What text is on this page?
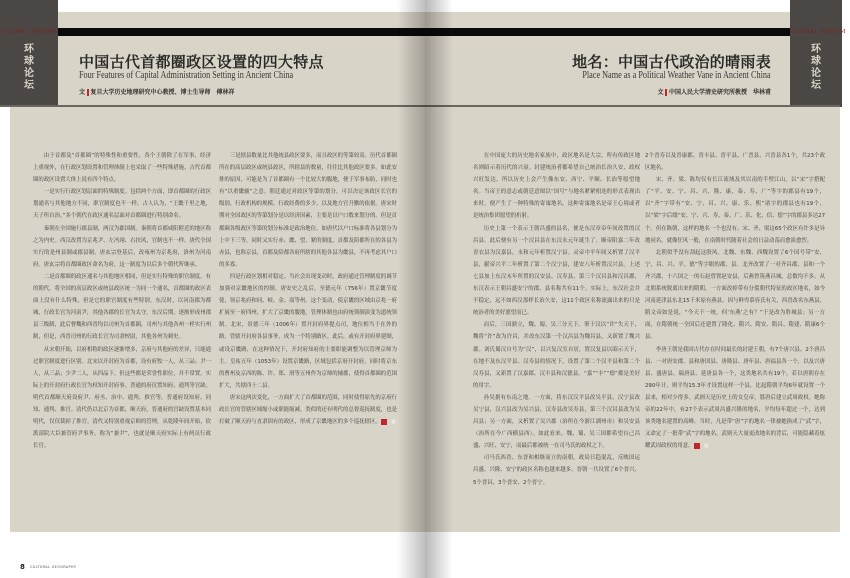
环
球
论
坛
GLOBAL FORUM
中国古代首都圈政区设置的四大特点
Four Features of Capital Administration Setting in Ancient China
文 复旦大学历史地理研究中心教授、博士生导师　傅林祥

由于首都及“首都圈”的特殊性和重要性，各个王朝除了在军事、经济上重视外，在行政区划设置和管理体制上也采取了一些特殊措施。古代首都圈的政区设置大体上说有四个特点。

一是实行行政区划层面的特殊制度。包括两个方面，即首都圈的行政区划通名与其他地方不同，职官制度也不一样。古人认为，“王畿千里之地，天子所自治。”多个朝代在政区通名层面对首都圈进行特别命名。

秦朝在全国施行郡县制，两汉为郡国制。秦朝将首都咸阳附近的地区称之为内史。西汉改置为京兆尹、左冯翊、右扶风，官制也不一样。唐代全国实行的是州县制或郡县制。唐玄宗登基后，改雍州为京兆府，洛州为河南府。唐玄宗将首都圈政区命名为府，这一制度为以后多个朝代所继承。

二是首都圈的政区通名与其他地区相同，但是实行特殊的职官制度。有的朝代，将全国的高层政区或统县政区统一为同一个通名，首都圈的政区表面上没有什么特殊，但是它的职官制度有些特别。东汉时，以河南郡为都城，行政长官为河南尹，其他各郡的长官为太守。东汉后期，逐渐形成州郡县三级制，此后曹魏和西晋均以司州为首都圈，司州与其他各州一样实行州制，但是，西晋司州的行政长官为司隶校尉，其他各州为刺史。

从宋朝开始，以府相称的政区逐渐增多，京府与其他府的差异，只能通过职官制度进行区别。北宋以开封府为首都，设有府牧一人，从三品；尹一人，从三品；少尹二人，从四品下。但这些都是荣誉性职位，并不常置。实际上的开封府行政长官为权知开封府事。普通的府仅置知府、通判等官缺。明代首都顺天府设府尹、府丞、治中、通判、推官等，普通府设知府、同知、通判、推官。清代仍以北京为首都，顺天府，普通府的官缺设置基本同明代，仅仅裁掉了推官。清代又特别重视京师的管理，从乾隆年间开始，钦派部院大臣兼管府尹事务，称为“兼尹”，也就是顺天府实际上有两员行政长官。

三是辖县数量比其他统县政区要多，而且政区的等第较高。历代首都圈所在的高层政区或统县政区，所辖县的数量，往往比其他政区要多。如此安排的原因，可能是为了首都圈有一个比较大的腹地，便于军事布防，同时也有“以重畿辅”之意。朝廷通过对政区等第的划分，可以决定该政区长官的级别、行政机构的规模、行政经费的多少，以及地方官升黜的依据。唐宋时期对全国政区的等第划分是以经济因素，主要是以户口数来划分的。但是首都圈各级政区等第的划分标准是政治地位。如唐代以户口标准将各县划分为上中下三等，同时又实行赤、畿、望、紧的制度，首都及陪都所在的各县为赤县，也称京县，首都及陪都各府所辖的其他各县为畿县，不再考虑其户口的多寡。

四是行政区划相对稳定。当社会出现变动时，政府通过管理制度的调节加强对京畿地区的控制。唐安史之乱后，至德元年（756年）置京畿节度使，领京兆府和同、岐、金、商等州。这个变动，使京畿的区域由京兆一府扩展至一府四州，扩大了京畿的腹地，管理体制也由府统领制演变为道统领制。北宋，景德三年（1006年）置开封府界提点司，地位相当于在外的路，管辖开封府各县事务，成为一个特别路区。此后，或有开封府界建制，或设京畿路，在这种情况下，开封府知府的主要职能调整为以管理京师为主。皇祐五年（1053年）设置京畿路，区域包括京府开封府，同时将京东的曹州及京西的陈、许、郑、滑等五州作为京师的辅郡，使得首都圈的范围扩大，共辖四十二县。

唐宋这两次变化，一方面扩大了首都圈的范围，同时使得原先的京府行政长官的管辖区域缩小或职能缩减。类似的还有明代的总督巡抚制度，也是打破了顺天府与直隶固有的政区，形成了京畿地区的多个巡抚辖区。	圖

8 CULTURAL GEOGRAPHY
环
球
论
坛
GLOBAL FORUM
地名：中国古代政治的晴雨表
Place Name as a Political Weather Vane in Ancient China
文 中国人民大学清史研究所教授　华林甫

在中国庞大的历史地名家族中，政区地名是大宗。所有传政区地名则昭示着历代的兴衰。封建统治者都希望自己统治长治久安、政权兴旺发达，所以历史上会产生像东安、西宁、平顺、长治等愿望地名。当帝王的意志或朝廷意图以“国号”与地名紧紧相连的形式表现出来时，便产生了一种特殊的寄寓地名。这种寄寓地名是帝王心境或者是统治集团愿望的折射。

历史上第一个表示王朝昌盛的县名，便是东汉章帝年间改置的汉昌县。此后便有另一个汉昌县在东汉永元年诞生了。顺帝阳嘉二年改青衣县为汉嘉县，永和元年析置汉宁县。灵帝中平年间又析置了汉平县，献帝兴平二年析置了第二个汉宁县，建安八年析置汉兴县。上述七县加上东汉末年所置的汉安县、汉寿县、第三个汉昌县和汉昌郡，东汉表示王朝昌盛安宁的郡、县名称共有11个。实际上，东汉社会并不稳定，远不如西汉那样长治久安，这11个政区名称流露出来的只是统治者的美好愿望而已。

而后，三国鼎立，魏、蜀、吴三分天下。鉴于汉以“许”失天下，魏将“许”改为许昌，并改东汉第一个汉昌县为魏昌县，又新置了魏兴郡。刘氏蜀汉自号为“汉”，以兴复汉室自居，置汉复县以昭示天下，在地不及东汉平县、汉寿县的情况下，设置了第二个汉平县和第二个汉寿县，又新置了汉嘉郡、汉丰县和汉德县。“嘉”“丰”“德”都是美好的用字。

孙吴据有东南之地。一方面，将东汉汉平县改吴平县，汉宁县改吴宁县，汉兴县改为吴兴县，汉寿县改吴寿县，第三个汉昌县改为吴昌县；另一方面，又析置了吴兴郡（治所在今浙江湖州市）和吴安县（治所在今广西横县西）。如此看来，魏、蜀、吴三国都希望自己昌盛、兴旺、安宁，而最后都被统一在司马氏的政权之下。

司马氏西晋、东晋和相继而立的南朝，政局日趋混乱，反映国运昌盛、兴隆、安宁的政区名称也越来越多。晋朝一共设置了6个晋兴、5个晋昌、3个晋安、2个晋宁。

2个晋寿以及晋康郡、晋丰县、晋平县、广晋县、兴晋县各1个，共23个政区地名。

宋、齐、梁、陈均仅有长江流域及其以南的半壁江山。以“宋”字搭配了“平、安、宁、昌、兴、隆、康、泰、寿、广”等字的郡县有19个，以“齐”字带有“安、宁、昌、兴、康、乐、熙”诸字的郡县也有19个，以“梁”字后缀“安、宁、兴、寿、泰、广、乐、化、信、德”字的郡县多达27个。但在陈朝，这样的地名一个也没有。宋、齐、梁这65个政区有许多是异地同名，就像狂风一般，在南朝时代随着社会的日益动荡而愈演愈烈。

北朝似乎没有刮起这股风。北魏、东魏、西魏设置了6个国号带“安、宁、昌、兴、平、德”等字眼的郡、县。北齐改置了一对齐昌郡、县和一个齐兴郡，十六国之一的石赵曾置赵安县，后燕曾筑燕昌城，总数均不多。从北朝系统脱离出来的隋朝，一方面改掉带有分裂朝代特征的政区地名，如今河南延津县东北15千米原有燕县，因与鲜卑慕容氏有关，西晋改名东燕县，隋文帝如是说，“今天下一统，何‘东燕’之有？”于是改为胙城县；另一方面，在隋朝统一全国后还建置了隆化、隋兴、隋安、隋昌、隋建、隋康6个县。

李唐王朝是我国古代存在时间最长的封建王朝，有7个唐兴县、2个唐昌县、一对唐安郡、县和唐国县、唐隆县、唐年县、唐福县各一个，以及兴唐县、盛唐县、瑞唐县、延唐县各一个，这类地名共有19个。若以唐朝存在290年计，则平均15.3年才设置这样一个县，比起隋朝平均6年就设置一个县来，相对少得多。武则天是历史上的女皇帝，篡唐后建立武周政权。她称帝的22年中，有27个表示武周昌盛兴隆的地名，平均每年超过一个，达到该类地名建置的高峰。当时，凡是带“唐”字的地名一律被她换成了“武”字，又命定了一批带“武”字的地名。武则天大量更改地名的背后，可能隐藏着炫耀武周政权的用意。	圖
